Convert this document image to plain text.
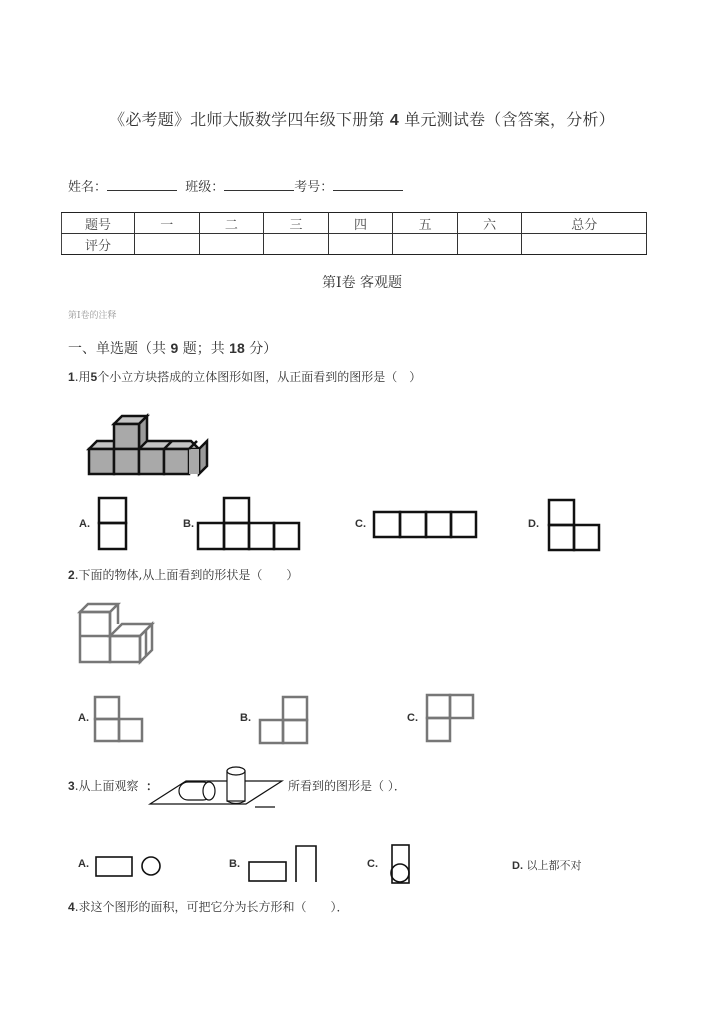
《必考题》北师大版数学四年级下册第 4 单元测试卷（含答案，分析）
姓名：	班级：	考号：
题号	一	二	三	四	五	六	总分
评分							
第Ⅰ卷 客观题
第Ⅰ卷的注释
一、单选题（共 9 题；共 18 分）
1.用5个小立方块搭成的立体图形如图，从正面看到的图形是（　）
A.	B.	C.	D.
2.下面的物体,从上面看到的形状是（　　）
A.	B.	C.
3.从上面观察 ：	所看到的图形是（ ）．
A.	B.	C.	D. 以上都不对
4.求这个图形的面积，可把它分为长方形和（　　）．
